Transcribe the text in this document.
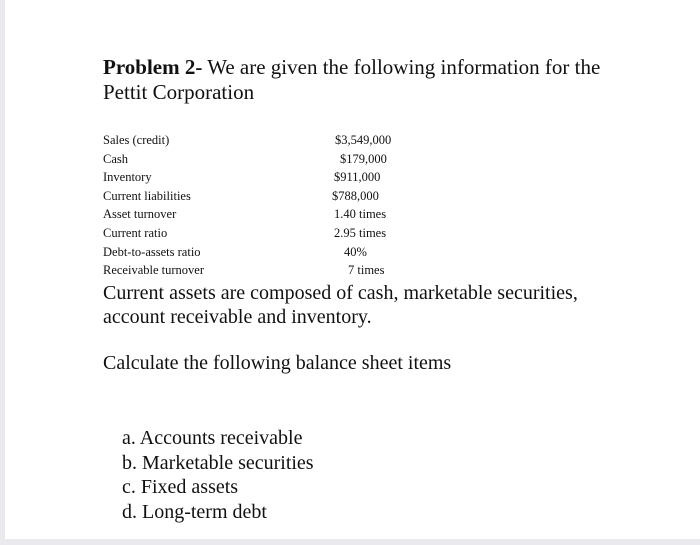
Problem 2- We are given the following information for the
Pettit Corporation
Sales (credit)	$3,549,000
Cash	$179,000
Inventory	$911,000
Current liabilities	$788,000
Asset turnover	1.40 times
Current ratio	2.95 times
Debt-to-assets ratio	40%
Receivable turnover	7 times
Current assets are composed of cash, marketable securities,
account receivable and inventory.
Calculate the following balance sheet items
a. Accounts receivable
b. Marketable securities
c. Fixed assets
d. Long-term debt
